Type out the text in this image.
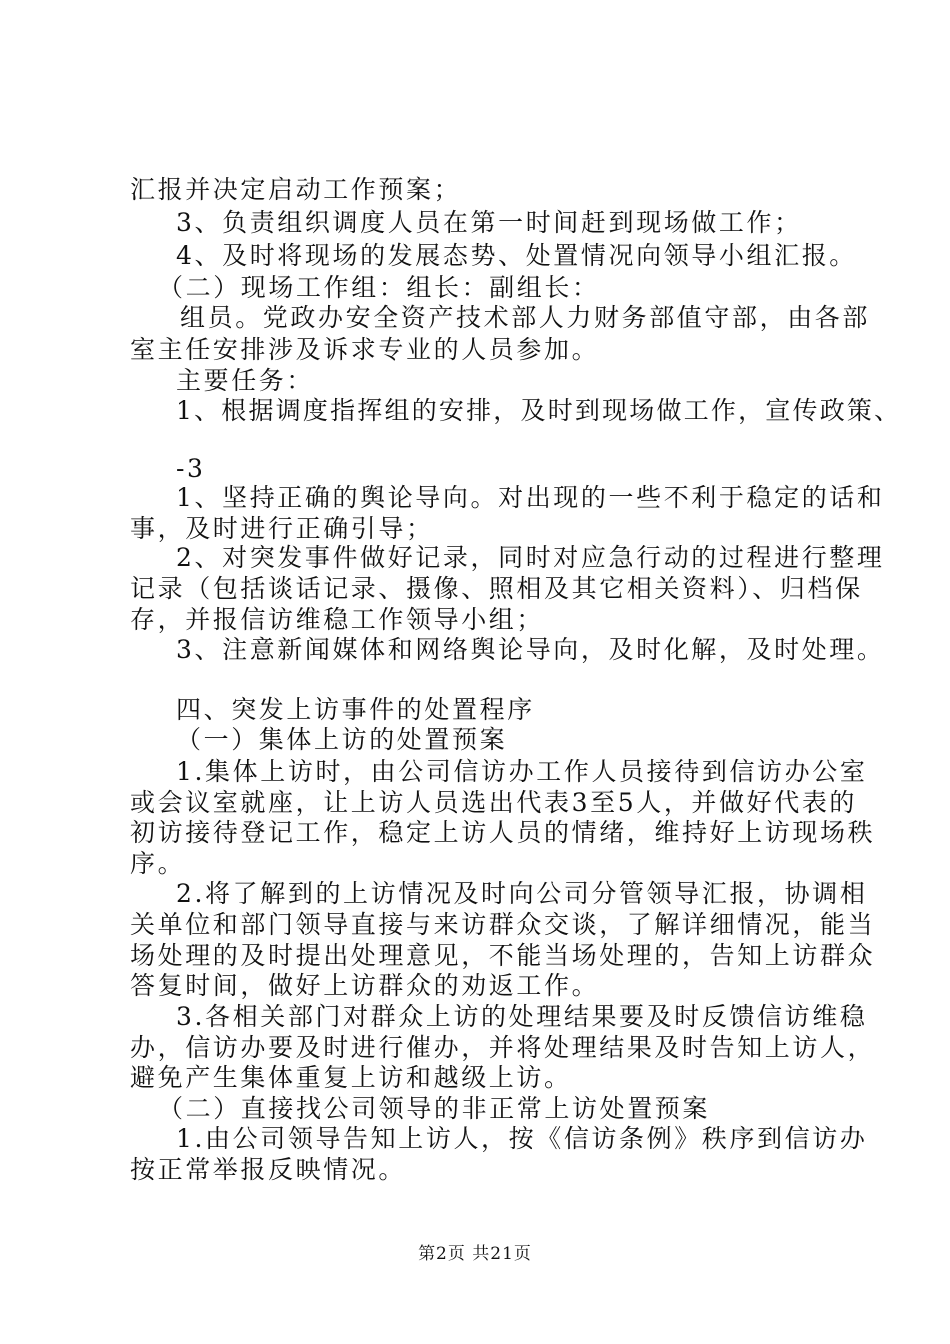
汇报并决定启动工作预案；
3、负责组织调度人员在第一时间赶到现场做工作；
4、及时将现场的发展态势、处置情况向领导小组汇报。
（二）现场工作组：组长：副组长：
组员。党政办安全资产技术部人力财务部值守部，由各部
室主任安排涉及诉求专业的人员参加。
主要任务：
1、根据调度指挥组的安排，及时到现场做工作，宣传政策、
-3
1、坚持正确的舆论导向。对出现的一些不利于稳定的话和
事，及时进行正确引导；
2、对突发事件做好记录，同时对应急行动的过程进行整理
记录（包括谈话记录、摄像、照相及其它相关资料）、归档保
存，并报信访维稳工作领导小组；
3、注意新闻媒体和网络舆论导向，及时化解，及时处理。
四、突发上访事件的处置程序
（一）集体上访的处置预案
1.集体上访时，由公司信访办工作人员接待到信访办公室
或会议室就座，让上访人员选出代表3至5人，并做好代表的
初访接待登记工作，稳定上访人员的情绪，维持好上访现场秩
序。
2.将了解到的上访情况及时向公司分管领导汇报，协调相
关单位和部门领导直接与来访群众交谈，了解详细情况，能当
场处理的及时提出处理意见，不能当场处理的，告知上访群众
答复时间，做好上访群众的劝返工作。
3.各相关部门对群众上访的处理结果要及时反馈信访维稳
办，信访办要及时进行催办，并将处理结果及时告知上访人，
避免产生集体重复上访和越级上访。
（二）直接找公司领导的非正常上访处置预案
1.由公司领导告知上访人，按《信访条例》秩序到信访办
按正常举报反映情况。
第2页 共21页
